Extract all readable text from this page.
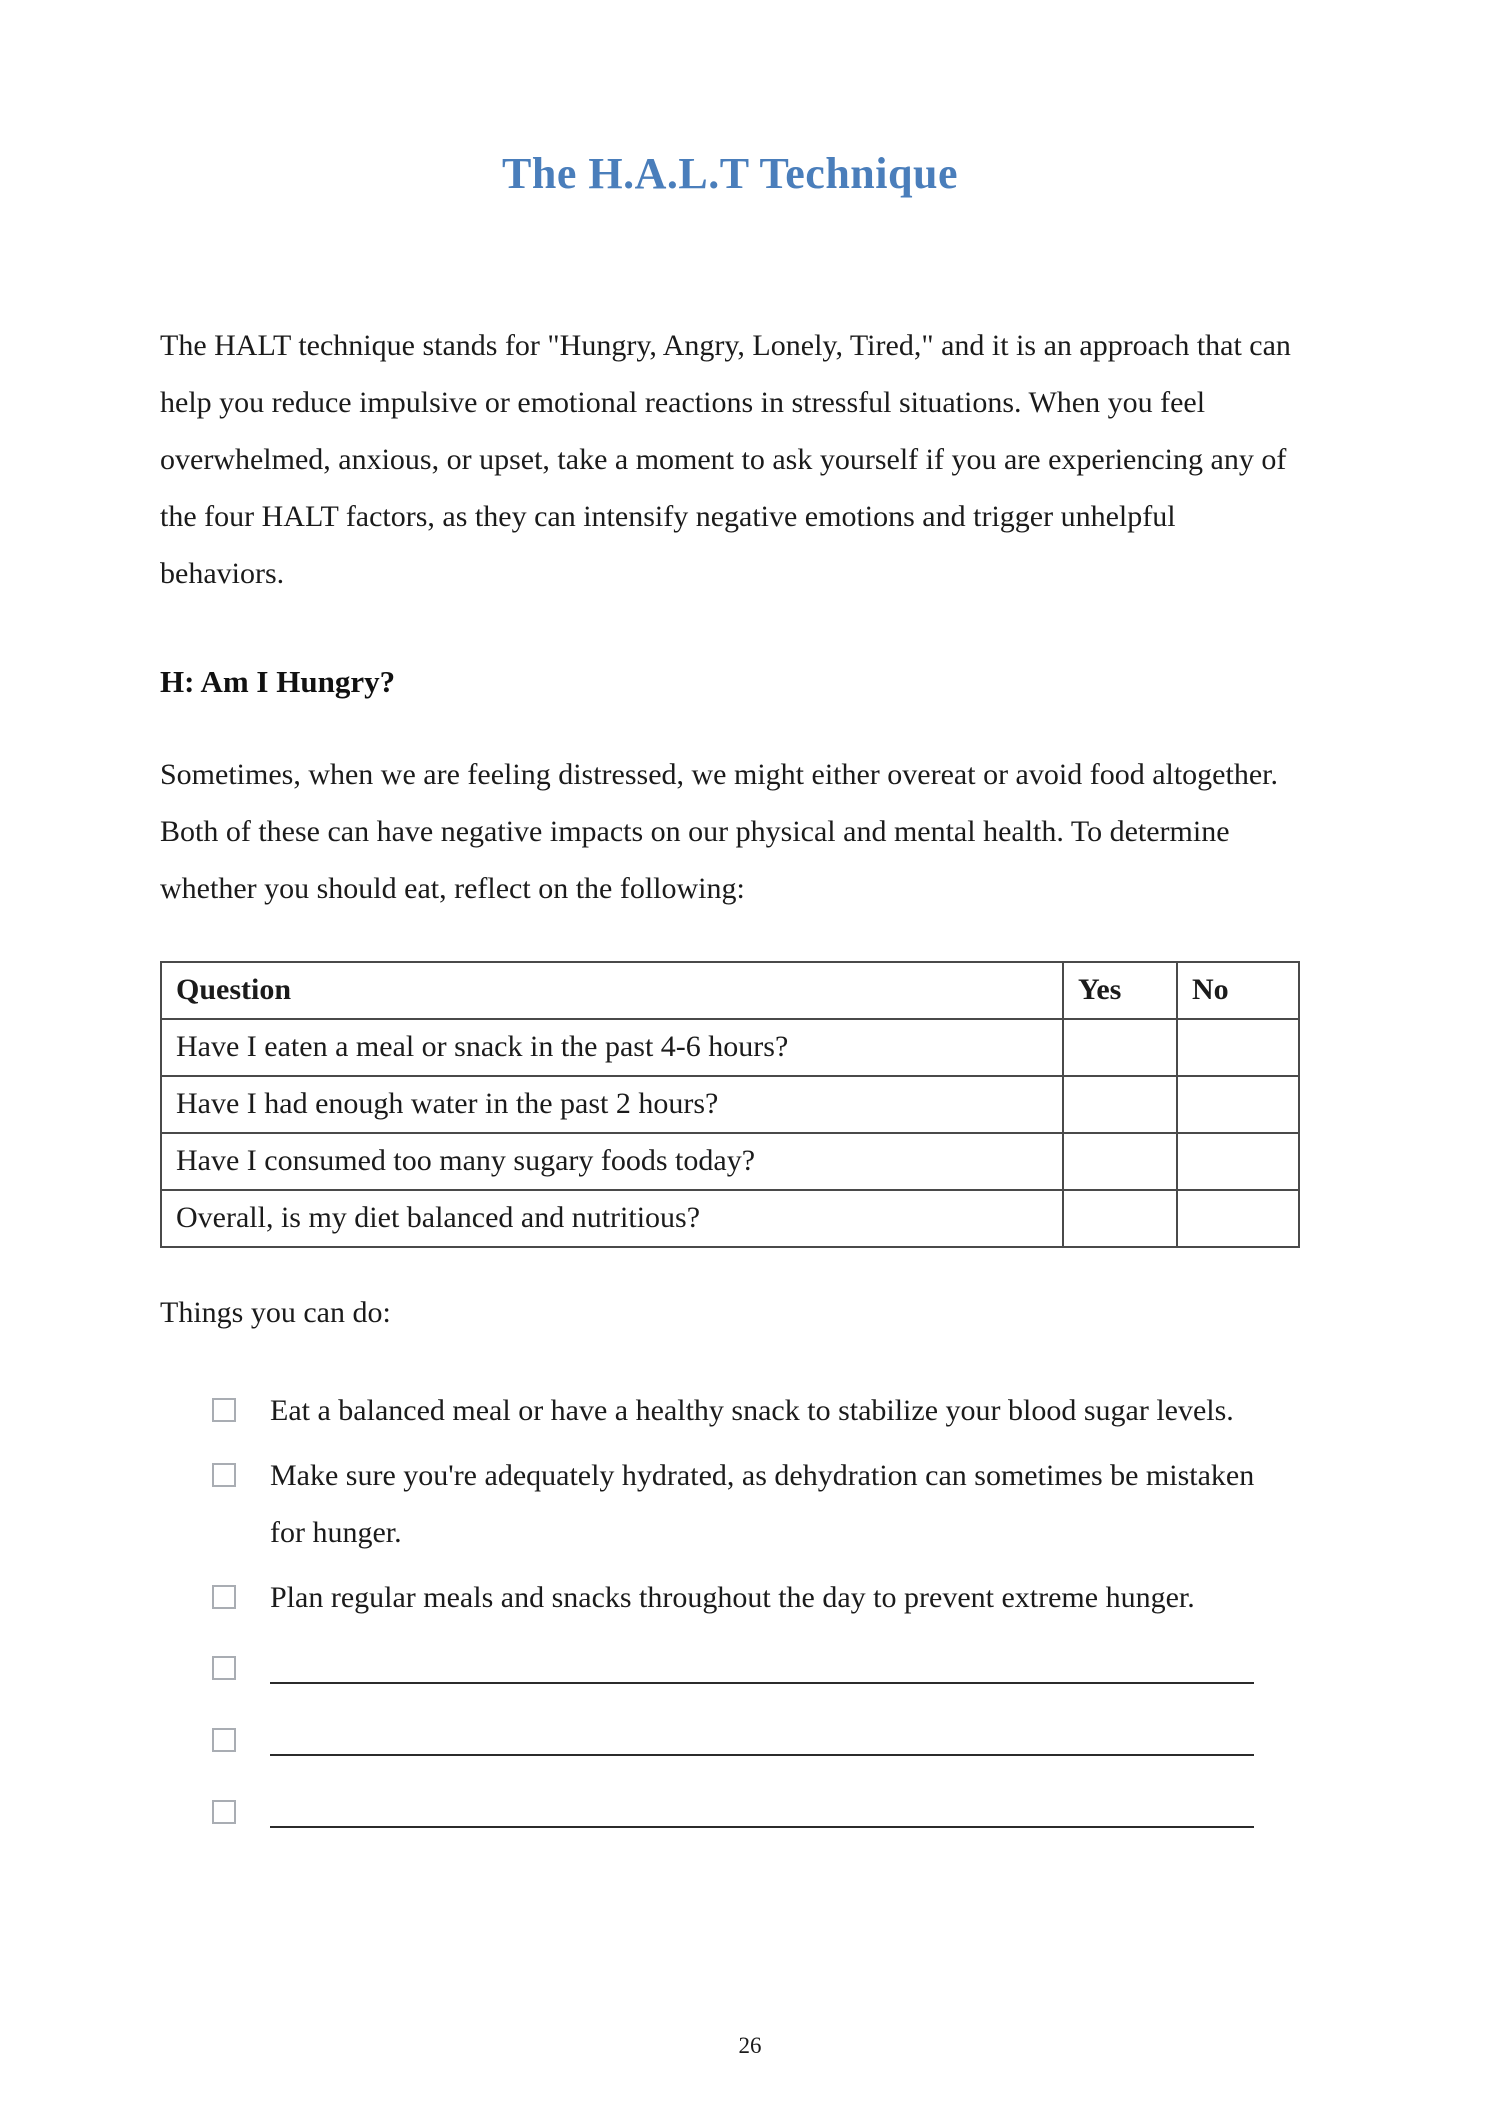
The H.A.L.T Technique

The HALT technique stands for "Hungry, Angry, Lonely, Tired," and it is an approach that can help you reduce impulsive or emotional reactions in stressful situations. When you feel overwhelmed, anxious, or upset, take a moment to ask yourself if you are experiencing any of the four HALT factors, as they can intensify negative emotions and trigger unhelpful behaviors.

H: Am I Hungry?

Sometimes, when we are feeling distressed, we might either overeat or avoid food altogether. Both of these can have negative impacts on our physical and mental health. To determine whether you should eat, reflect on the following:

Question	Yes	No
Have I eaten a meal or snack in the past 4-6 hours?		
Have I had enough water in the past 2 hours?		
Have I consumed too many sugary foods today?		
Overall, is my diet balanced and nutritious?		

Things you can do:

Eat a balanced meal or have a healthy snack to stabilize your blood sugar levels.
Make sure you're adequately hydrated, as dehydration can sometimes be mistaken for hunger.
Plan regular meals and snacks throughout the day to prevent extreme hunger.
26
